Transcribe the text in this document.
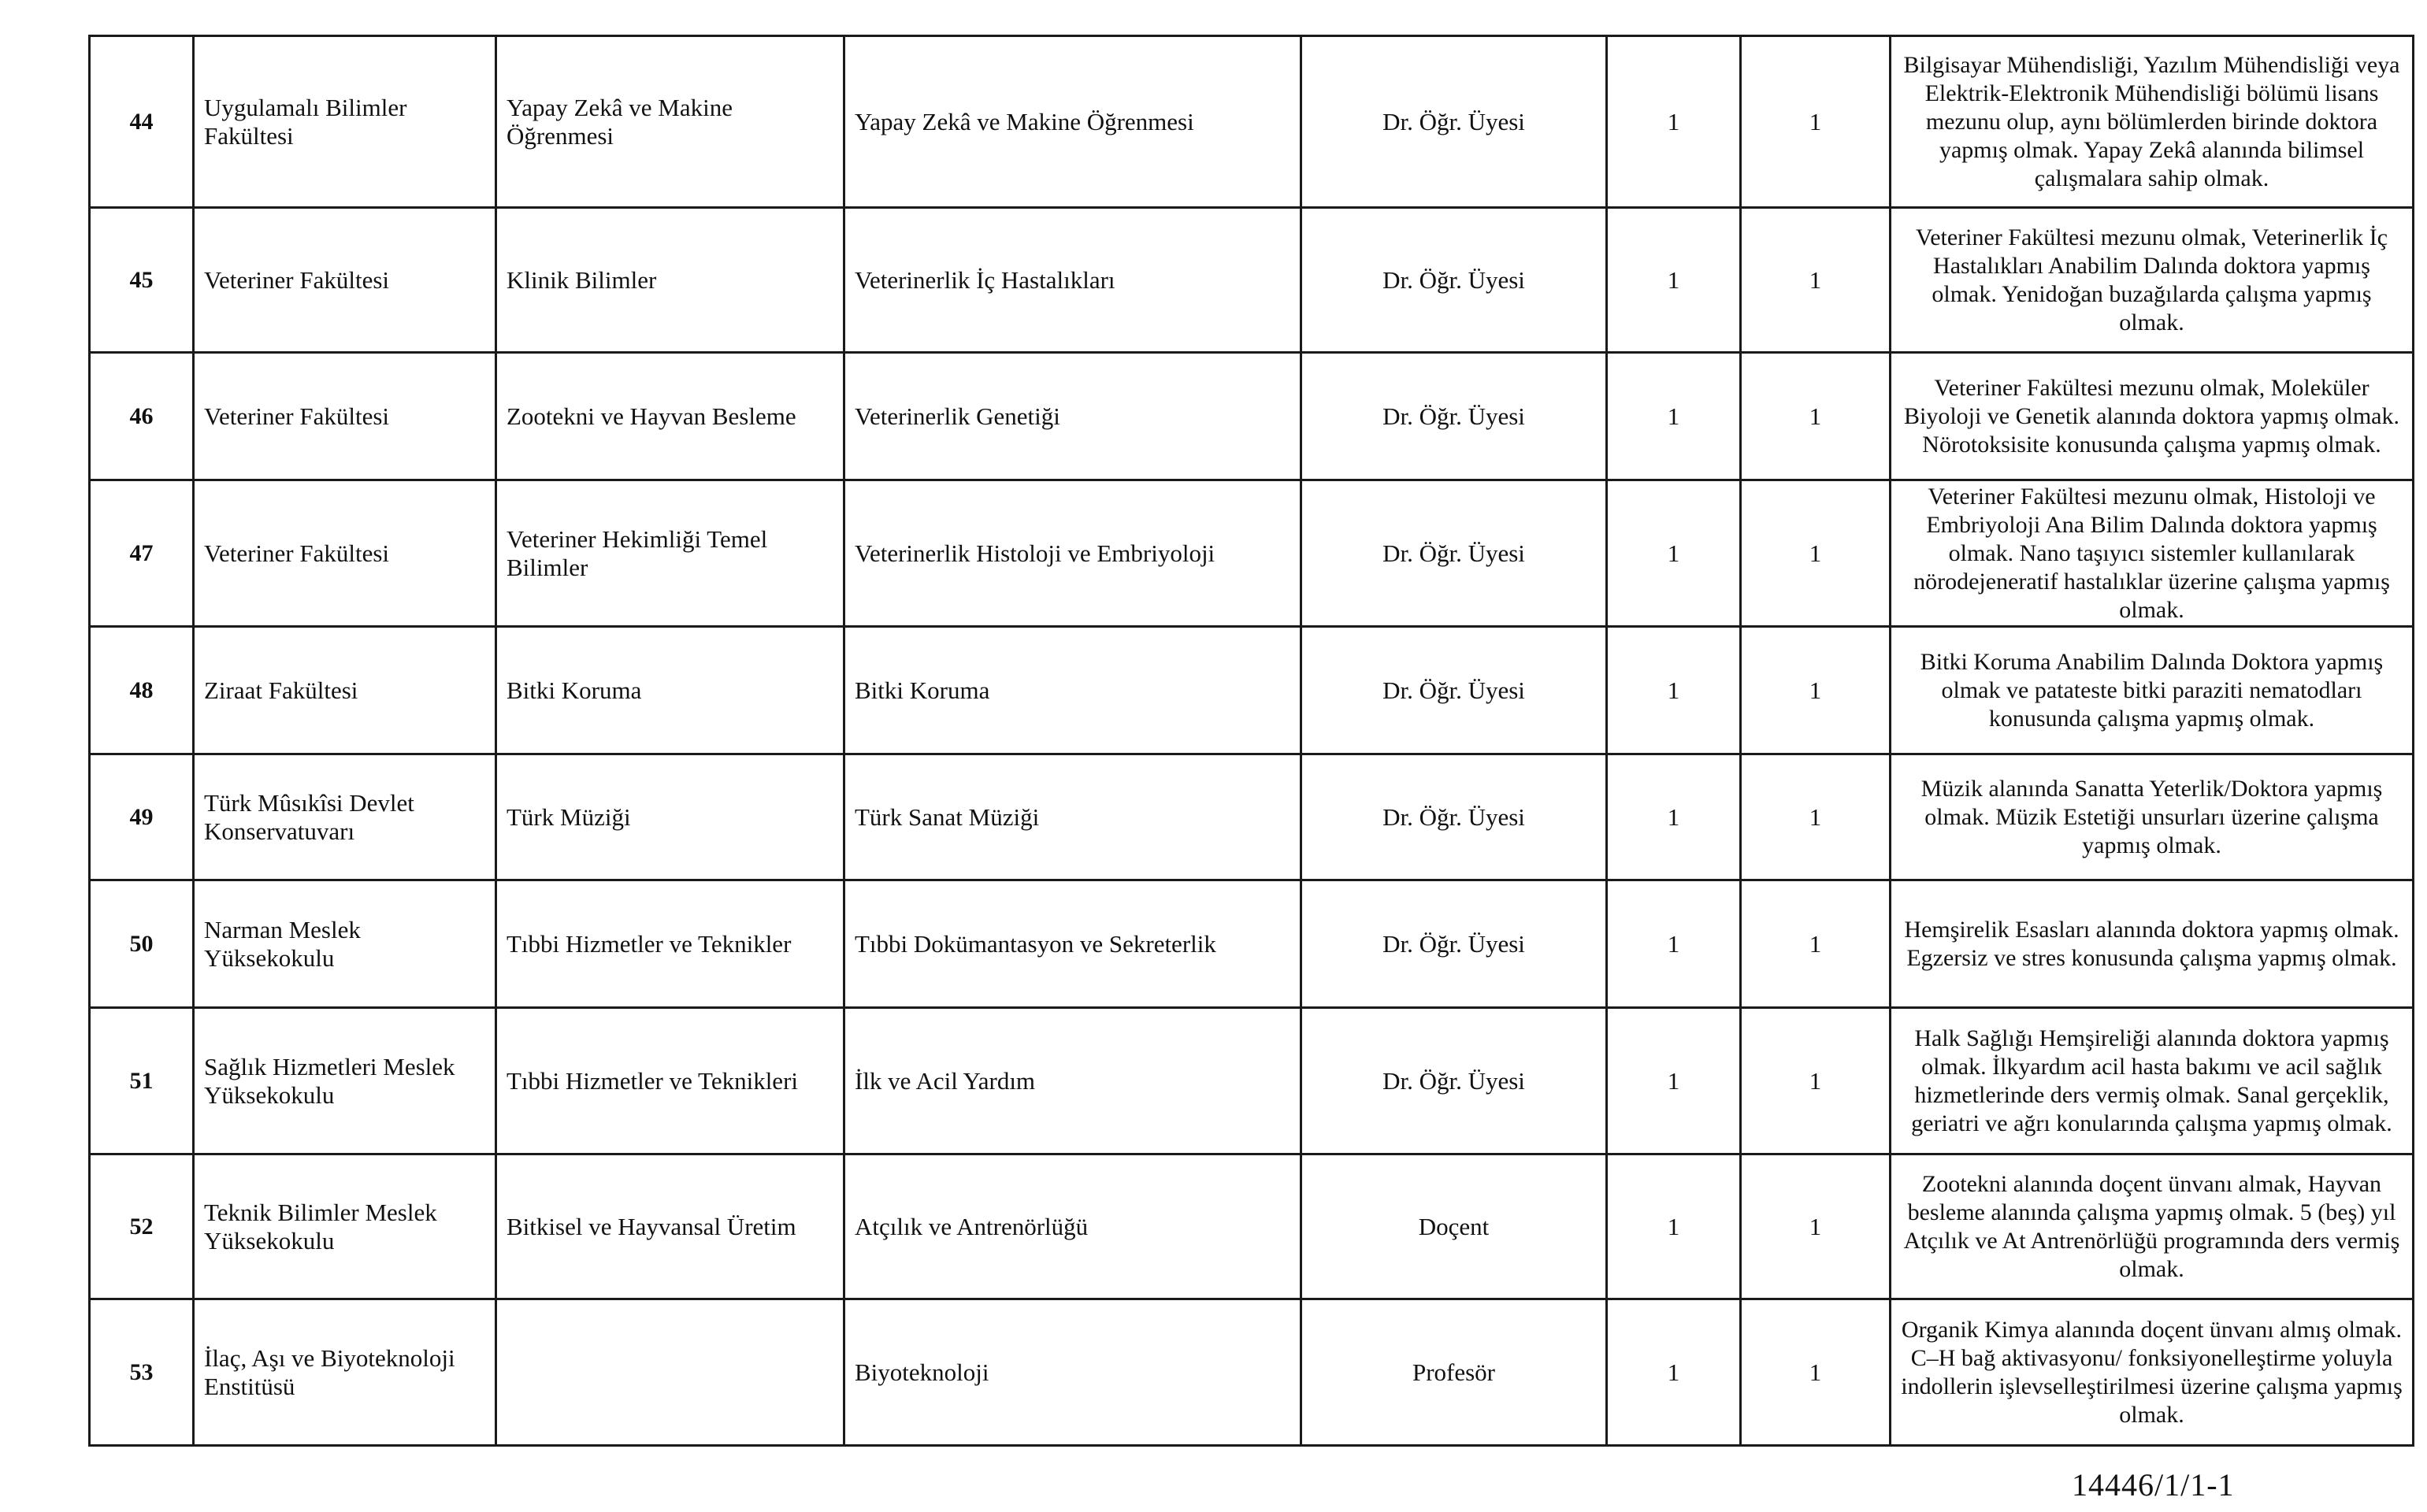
44	Uygulamalı Bilimler Fakültesi	Yapay Zekâ ve Makine Öğrenmesi	Yapay Zekâ ve Makine Öğrenmesi	Dr. Öğr. Üyesi	1	1	Bilgisayar Mühendisliği, Yazılım Mühendisliği veya Elektrik-Elektronik Mühendisliği bölümü lisans mezunu olup, aynı bölümlerden birinde doktora yapmış olmak. Yapay Zekâ alanında bilimsel çalışmalara sahip olmak.
45	Veteriner Fakültesi	Klinik Bilimler	Veterinerlik İç Hastalıkları	Dr. Öğr. Üyesi	1	1	Veteriner Fakültesi mezunu olmak, Veterinerlik İç Hastalıkları Anabilim Dalında doktora yapmış olmak. Yenidoğan buzağılarda çalışma yapmış olmak.
46	Veteriner Fakültesi	Zootekni ve Hayvan Besleme	Veterinerlik Genetiği	Dr. Öğr. Üyesi	1	1	Veteriner Fakültesi mezunu olmak, Moleküler Biyoloji ve Genetik alanında doktora yapmış olmak. Nörotoksisite konusunda çalışma yapmış olmak.
47	Veteriner Fakültesi	Veteriner Hekimliği Temel Bilimler	Veterinerlik Histoloji ve Embriyoloji	Dr. Öğr. Üyesi	1	1	Veteriner Fakültesi mezunu olmak, Histoloji ve Embriyoloji Ana Bilim Dalında doktora yapmış olmak. Nano taşıyıcı sistemler kullanılarak nörodejeneratif hastalıklar üzerine çalışma yapmış olmak.
48	Ziraat Fakültesi	Bitki Koruma	Bitki Koruma	Dr. Öğr. Üyesi	1	1	Bitki Koruma Anabilim Dalında Doktora yapmış olmak ve patateste bitki paraziti nematodları konusunda çalışma yapmış olmak.
49	Türk Mûsıkîsi Devlet Konservatuvarı	Türk Müziği	Türk Sanat Müziği	Dr. Öğr. Üyesi	1	1	Müzik alanında Sanatta Yeterlik/Doktora yapmış olmak. Müzik Estetiği unsurları üzerine çalışma yapmış olmak.
50	Narman Meslek Yüksekokulu	Tıbbi Hizmetler ve Teknikler	Tıbbi Dokümantasyon ve Sekreterlik	Dr. Öğr. Üyesi	1	1	Hemşirelik Esasları alanında doktora yapmış olmak. Egzersiz ve stres konusunda çalışma yapmış olmak.
51	Sağlık Hizmetleri Meslek Yüksekokulu	Tıbbi Hizmetler ve Teknikleri	İlk ve Acil Yardım	Dr. Öğr. Üyesi	1	1	Halk Sağlığı Hemşireliği alanında doktora yapmış olmak. İlkyardım acil hasta bakımı ve acil sağlık hizmetlerinde ders vermiş olmak. Sanal gerçeklik, geriatri ve ağrı konularında çalışma yapmış olmak.
52	Teknik Bilimler Meslek Yüksekokulu	Bitkisel ve Hayvansal Üretim	Atçılık ve Antrenörlüğü	Doçent	1	1	Zootekni alanında doçent ünvanı almak, Hayvan besleme alanında çalışma yapmış olmak. 5 (beş) yıl Atçılık ve At Antrenörlüğü programında ders vermiş olmak.
53	İlaç, Aşı ve Biyoteknoloji Enstitüsü		Biyoteknoloji	Profesör	1	1	Organik Kimya alanında doçent ünvanı almış olmak. C–H bağ aktivasyonu/ fonksiyonelleştirme yoluyla indollerin işlevselleştirilmesi üzerine çalışma yapmış olmak.
14446/1/1-1
